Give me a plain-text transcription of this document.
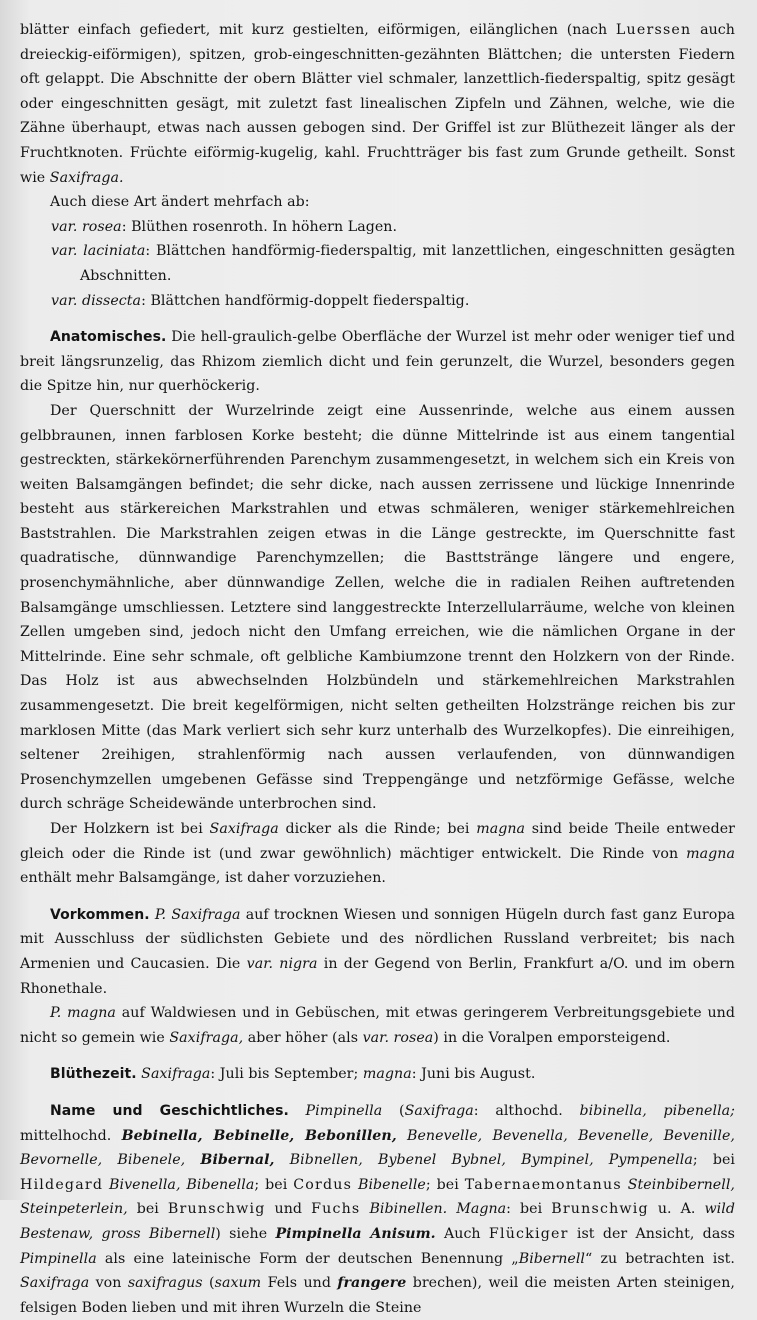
blätter einfach gefiedert, mit kurz gestielten, eiförmigen, eilänglichen (nach Luerssen auch dreieckig-eiförmigen), spitzen, grob-eingeschnitten-gezähnten Blättchen; die untersten Fiedern oft gelappt. Die Abschnitte der obern Blätter viel schmaler, lanzettlich-fiederspaltig, spitz gesägt oder eingeschnitten gesägt, mit zuletzt fast linealischen Zipfeln und Zähnen, welche, wie die Zähne überhaupt, etwas nach aussen gebogen sind. Der Griffel ist zur Blüthezeit länger als der Fruchtknoten. Früchte eiförmig-kugelig, kahl. Fruchtträger bis fast zum Grunde getheilt. Sonst wie Saxifraga.

Auch diese Art ändert mehrfach ab:

var. rosea: Blüthen rosenroth. In höhern Lagen.

var. laciniata: Blättchen handförmig-fiederspaltig, mit lanzettlichen, eingeschnitten gesägten Abschnitten.

var. dissecta: Blättchen handförmig-doppelt fiederspaltig.

Anatomisches. Die hell-graulich-gelbe Oberfläche der Wurzel ist mehr oder weniger tief und breit längsrunzelig, das Rhizom ziemlich dicht und fein gerunzelt, die Wurzel, besonders gegen die Spitze hin, nur querhöckerig.

Der Querschnitt der Wurzelrinde zeigt eine Aussenrinde, welche aus einem aussen gelbbraunen, innen farblosen Korke besteht; die dünne Mittelrinde ist aus einem tangential gestreckten, stärkekörnerführenden Parenchym zusammengesetzt, in welchem sich ein Kreis von weiten Balsamgängen befindet; die sehr dicke, nach aussen zerrissene und lückige Innenrinde besteht aus stärkereichen Markstrahlen und etwas schmäleren, weniger stärkemehlreichen Baststrahlen. Die Markstrahlen zeigen etwas in die Länge gestreckte, im Querschnitte fast quadratische, dünnwandige Parenchymzellen; die Basttstränge längere und engere, prosenchymähnliche, aber dünnwandige Zellen, welche die in radialen Reihen auftretenden Balsamgänge umschliessen. Letztere sind langgestreckte Interzellularräume, welche von kleinen Zellen umgeben sind, jedoch nicht den Umfang erreichen, wie die nämlichen Organe in der Mittelrinde. Eine sehr schmale, oft gelbliche Kambiumzone trennt den Holzkern von der Rinde. Das Holz ist aus abwechselnden Holzbündeln und stärkemehlreichen Markstrahlen zusammengesetzt. Die breit kegelförmigen, nicht selten getheilten Holzstränge reichen bis zur marklosen Mitte (das Mark verliert sich sehr kurz unterhalb des Wurzelkopfes). Die einreihigen, seltener 2reihigen, strahlenförmig nach aussen verlaufenden, von dünnwandigen Prosenchymzellen umgebenen Gefässe sind Treppengänge und netzförmige Gefässe, welche durch schräge Scheidewände unterbrochen sind.

Der Holzkern ist bei Saxifraga dicker als die Rinde; bei magna sind beide Theile entweder gleich oder die Rinde ist (und zwar gewöhnlich) mächtiger entwickelt. Die Rinde von magna enthält mehr Balsamgänge, ist daher vorzuziehen.

Vorkommen. P. Saxifraga auf trocknen Wiesen und sonnigen Hügeln durch fast ganz Europa mit Ausschluss der südlichsten Gebiete und des nördlichen Russland verbreitet; bis nach Armenien und Caucasien. Die var. nigra in der Gegend von Berlin, Frankfurt a/O. und im obern Rhonethale.

P. magna auf Waldwiesen und in Gebüschen, mit etwas geringerem Verbreitungsgebiete und nicht so gemein wie Saxifraga, aber höher (als var. rosea) in die Voralpen emporsteigend.

Blüthezeit. Saxifraga: Juli bis September; magna: Juni bis August.

Name und Geschichtliches. Pimpinella (Saxifraga: althochd. bibinella, pibenella; mittelhochd. Bebinella, Bebinelle, Bebonillen, Benevelle, Bevenella, Bevenelle, Bevenille, Bevornelle, Bibenele, Bibernal, Bibnellen, Bybenel Bybnel, Bympinel, Pympenella; bei Hildegard Bivenella, Bibenella; bei Cordus Bibenelle; bei Tabernaemontanus Steinbibernell, Steinpeterlein, bei Brunschwig und Fuchs Bibinellen. Magna: bei Brunschwig u. A. wild Bestenaw, gross Bibernell) siehe Pimpinella Anisum. Auch Flückiger ist der Ansicht, dass Pimpinella als eine lateinische Form der deutschen Benennung „Bibernell“ zu betrachten ist. Saxifraga von saxifragus (saxum Fels und frangere brechen), weil die meisten Arten steinigen, felsigen Boden lieben und mit ihren Wurzeln die Steine
